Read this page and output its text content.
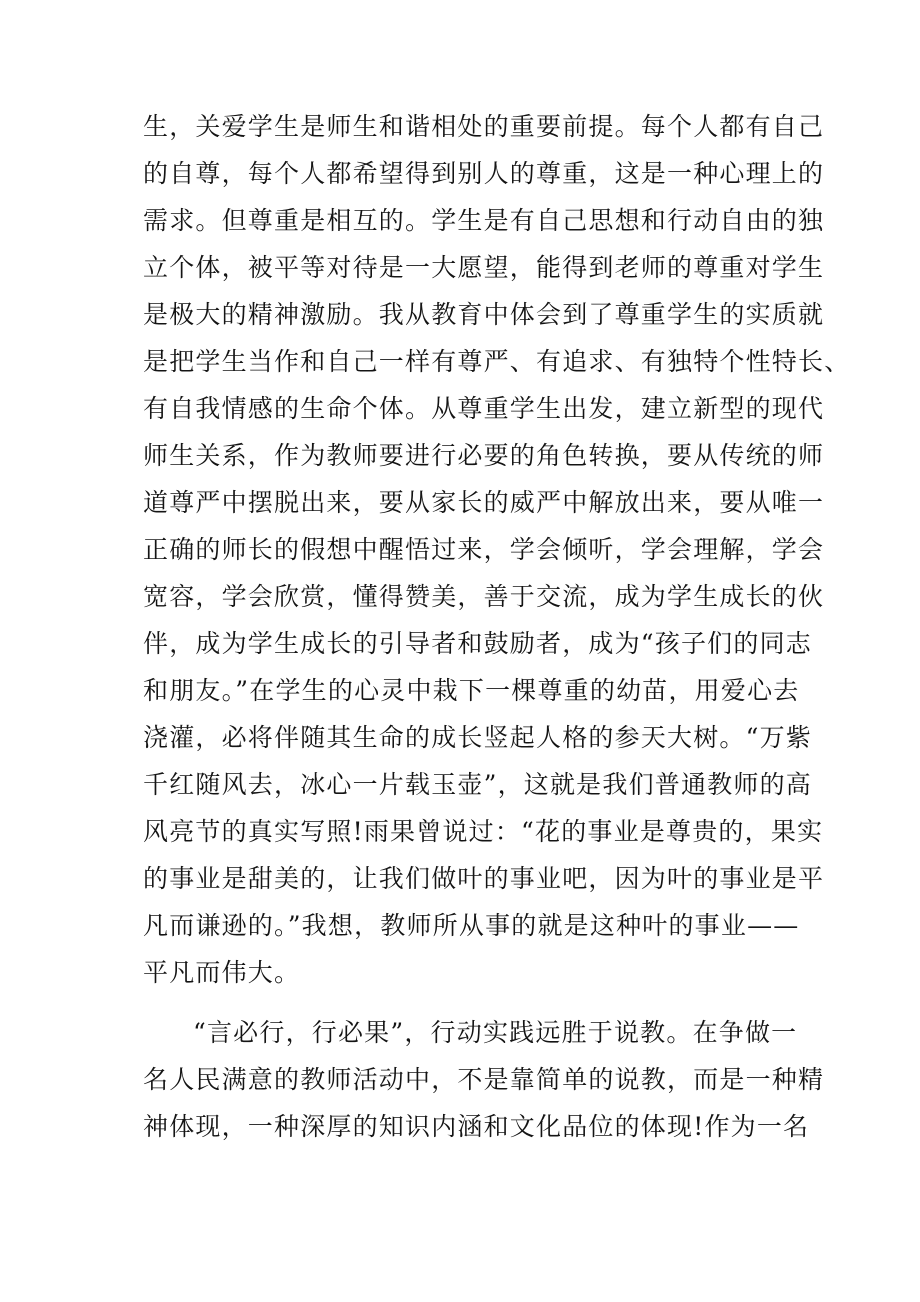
生，关爱学生是师生和谐相处的重要前提。每个人都有自己
的自尊，每个人都希望得到别人的尊重，这是一种心理上的
需求。但尊重是相互的。学生是有自己思想和行动自由的独
立个体，被平等对待是一大愿望，能得到老师的尊重对学生
是极大的精神激励。我从教育中体会到了尊重学生的实质就
是把学生当作和自己一样有尊严、有追求、有独特个性特长、
有自我情感的生命个体。从尊重学生出发，建立新型的现代
师生关系，作为教师要进行必要的角色转换，要从传统的师
道尊严中摆脱出来，要从家长的威严中解放出来，要从唯一
正确的师长的假想中醒悟过来，学会倾听，学会理解，学会
宽容，学会欣赏，懂得赞美，善于交流，成为学生成长的伙
伴，成为学生成长的引导者和鼓励者，成为“孩子们的同志
和朋友。”在学生的心灵中栽下一棵尊重的幼苗，用爱心去
浇灌，必将伴随其生命的成长竖起人格的参天大树。“万紫
千红随风去，冰心一片载玉壶”，这就是我们普通教师的高
风亮节的真实写照!雨果曾说过：“花的事业是尊贵的，果实
的事业是甜美的，让我们做叶的事业吧，因为叶的事业是平
凡而谦逊的。”我想，教师所从事的就是这种叶的事业——
平凡而伟大。
“言必行，行必果”，行动实践远胜于说教。在争做一
名人民满意的教师活动中，不是靠简单的说教，而是一种精
神体现，一种深厚的知识内涵和文化品位的体现!作为一名
